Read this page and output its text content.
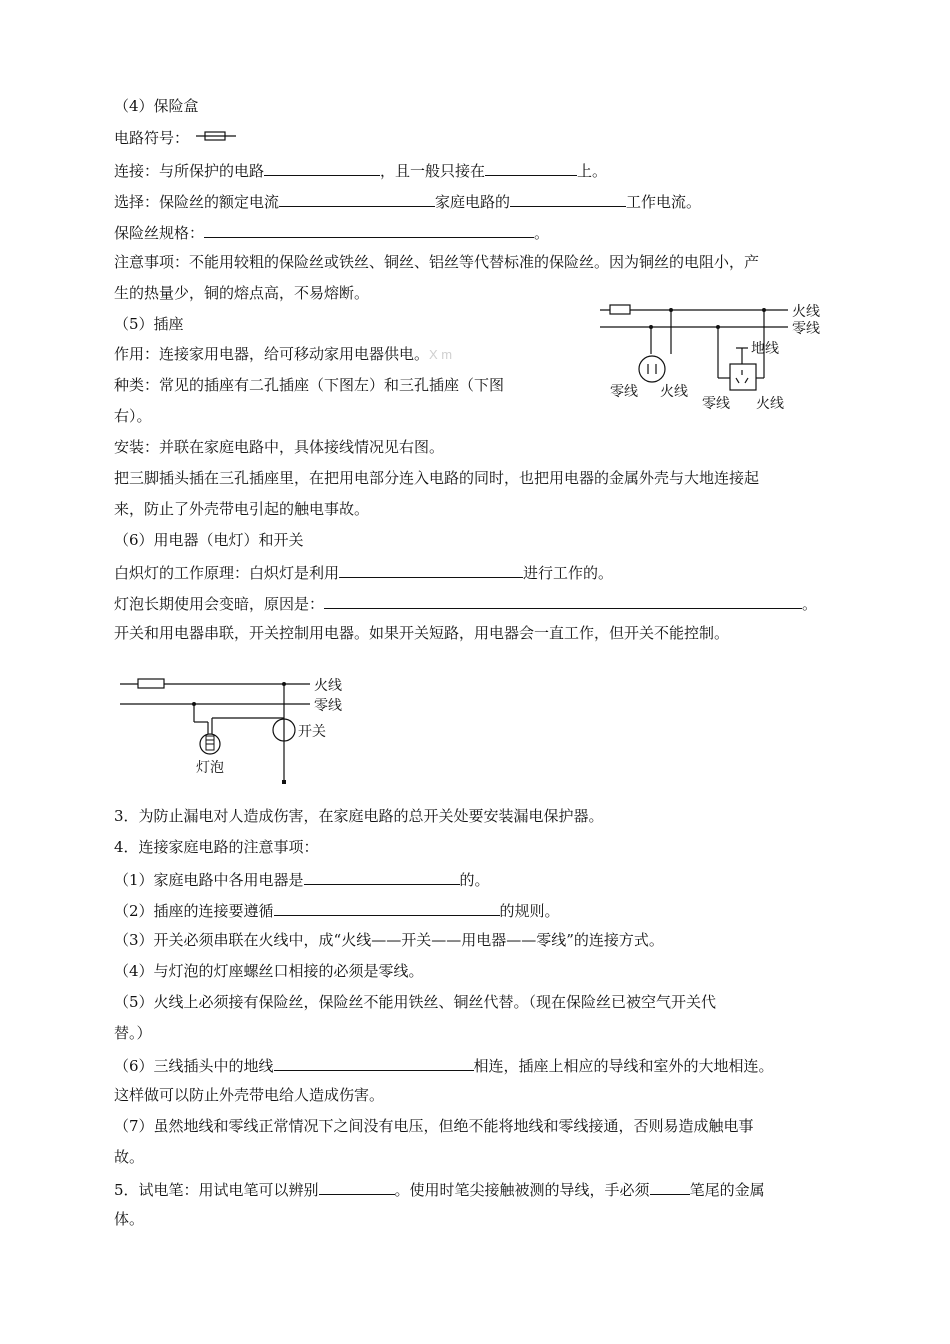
（4）保险盒
电路符号：
连接：与所保护的电路	，且一般只接在	上。
选择：保险丝的额定电流	家庭电路的	工作电流。
保险丝规格：	。
注意事项：不能用较粗的保险丝或铁丝、铜丝、铝丝等代替标准的保险丝。因为铜丝的电阻小，产
生的热量少，铜的熔点高，不易熔断。
（5）插座
作用：连接家用电器，给可移动家用电器供电。X m
种类：常见的插座有二孔插座（下图左）和三孔插座（下图
右）。
安装：并联在家庭电路中，具体接线情况见右图。
把三脚插头插在三孔插座里，在把用电部分连入电路的同时，也把用电器的金属外壳与大地连接起
来，防止了外壳带电引起的触电事故。
火线
零线
零线 火线
地线
零线 火线
（6）用电器（电灯）和开关
白炽灯的工作原理：白炽灯是利用	进行工作的。
灯泡长期使用会变暗，原因是：	。
开关和用电器串联，开关控制用电器。如果开关短路，用电器会一直工作，但开关不能控制。
火线
零线
灯泡
开关
3．为防止漏电对人造成伤害，在家庭电路的总开关处要安装漏电保护器。
4．连接家庭电路的注意事项：
（1）家庭电路中各用电器是	的。
（2）插座的连接要遵循	的规则。
（3）开关必须串联在火线中，成“火线——开关——用电器——零线”的连接方式。
（4）与灯泡的灯座螺丝口相接的必须是零线。
（5）火线上必须接有保险丝，保险丝不能用铁丝、铜丝代替。（现在保险丝已被空气开关代
替。）
（6）三线插头中的地线	相连，插座上相应的导线和室外的大地相连。
这样做可以防止外壳带电给人造成伤害。
（7）虽然地线和零线正常情况下之间没有电压，但绝不能将地线和零线接通，否则易造成触电事
故。
5．试电笔：用试电笔可以辨别	。使用时笔尖接触被测的导线，手必须	笔尾的金属
体。
